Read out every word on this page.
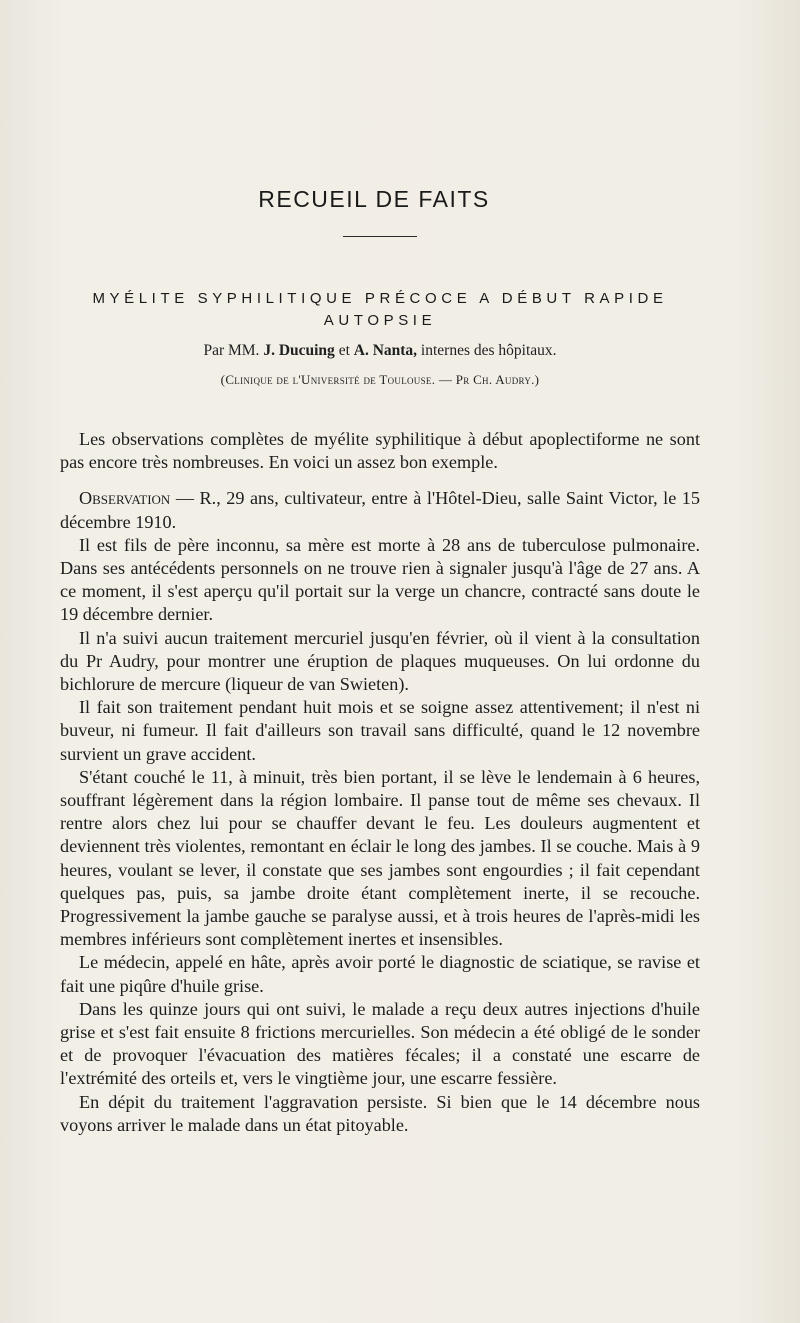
RECUEIL DE FAITS
MYÉLITE SYPHILITIQUE PRÉCOCE A DÉBUT RAPIDE
AUTOPSIE
Par MM. J. Ducuing et A. Nanta, internes des hôpitaux.
(Clinique de l'Université de Toulouse. — Pr Ch. Audry.)

Les observations complètes de myélite syphilitique à début apoplectiforme ne sont pas encore très nombreuses. En voici un assez bon exemple.

Observation — R., 29 ans, cultivateur, entre à l'Hôtel-Dieu, salle Saint Victor, le 15 décembre 1910.

Il est fils de père inconnu, sa mère est morte à 28 ans de tuberculose pulmonaire. Dans ses antécédents personnels on ne trouve rien à signaler jusqu'à l'âge de 27 ans. A ce moment, il s'est aperçu qu'il portait sur la verge un chancre, contracté sans doute le 19 décembre dernier.

Il n'a suivi aucun traitement mercuriel jusqu'en février, où il vient à la consultation du Pr Audry, pour montrer une éruption de plaques muqueuses. On lui ordonne du bichlorure de mercure (liqueur de van Swieten).

Il fait son traitement pendant huit mois et se soigne assez attentivement; il n'est ni buveur, ni fumeur. Il fait d'ailleurs son travail sans difficulté, quand le 12 novembre survient un grave accident.

S'étant couché le 11, à minuit, très bien portant, il se lève le lendemain à 6 heures, souffrant légèrement dans la région lombaire. Il panse tout de même ses chevaux. Il rentre alors chez lui pour se chauffer devant le feu. Les douleurs augmentent et deviennent très violentes, remontant en éclair le long des jambes. Il se couche. Mais à 9 heures, voulant se lever, il constate que ses jambes sont engourdies ; il fait cependant quelques pas, puis, sa jambe droite étant complètement inerte, il se recouche. Progressivement la jambe gauche se paralyse aussi, et à trois heures de l'après-midi les membres inférieurs sont complètement inertes et insensibles.

Le médecin, appelé en hâte, après avoir porté le diagnostic de sciatique, se ravise et fait une piqûre d'huile grise.

Dans les quinze jours qui ont suivi, le malade a reçu deux autres injections d'huile grise et s'est fait ensuite 8 frictions mercurielles. Son médecin a été obligé de le sonder et de provoquer l'évacuation des matières fécales; il a constaté une escarre de l'extrémité des orteils et, vers le vingtième jour, une escarre fessière.

En dépit du traitement l'aggravation persiste. Si bien que le 14 décembre nous voyons arriver le malade dans un état pitoyable.
